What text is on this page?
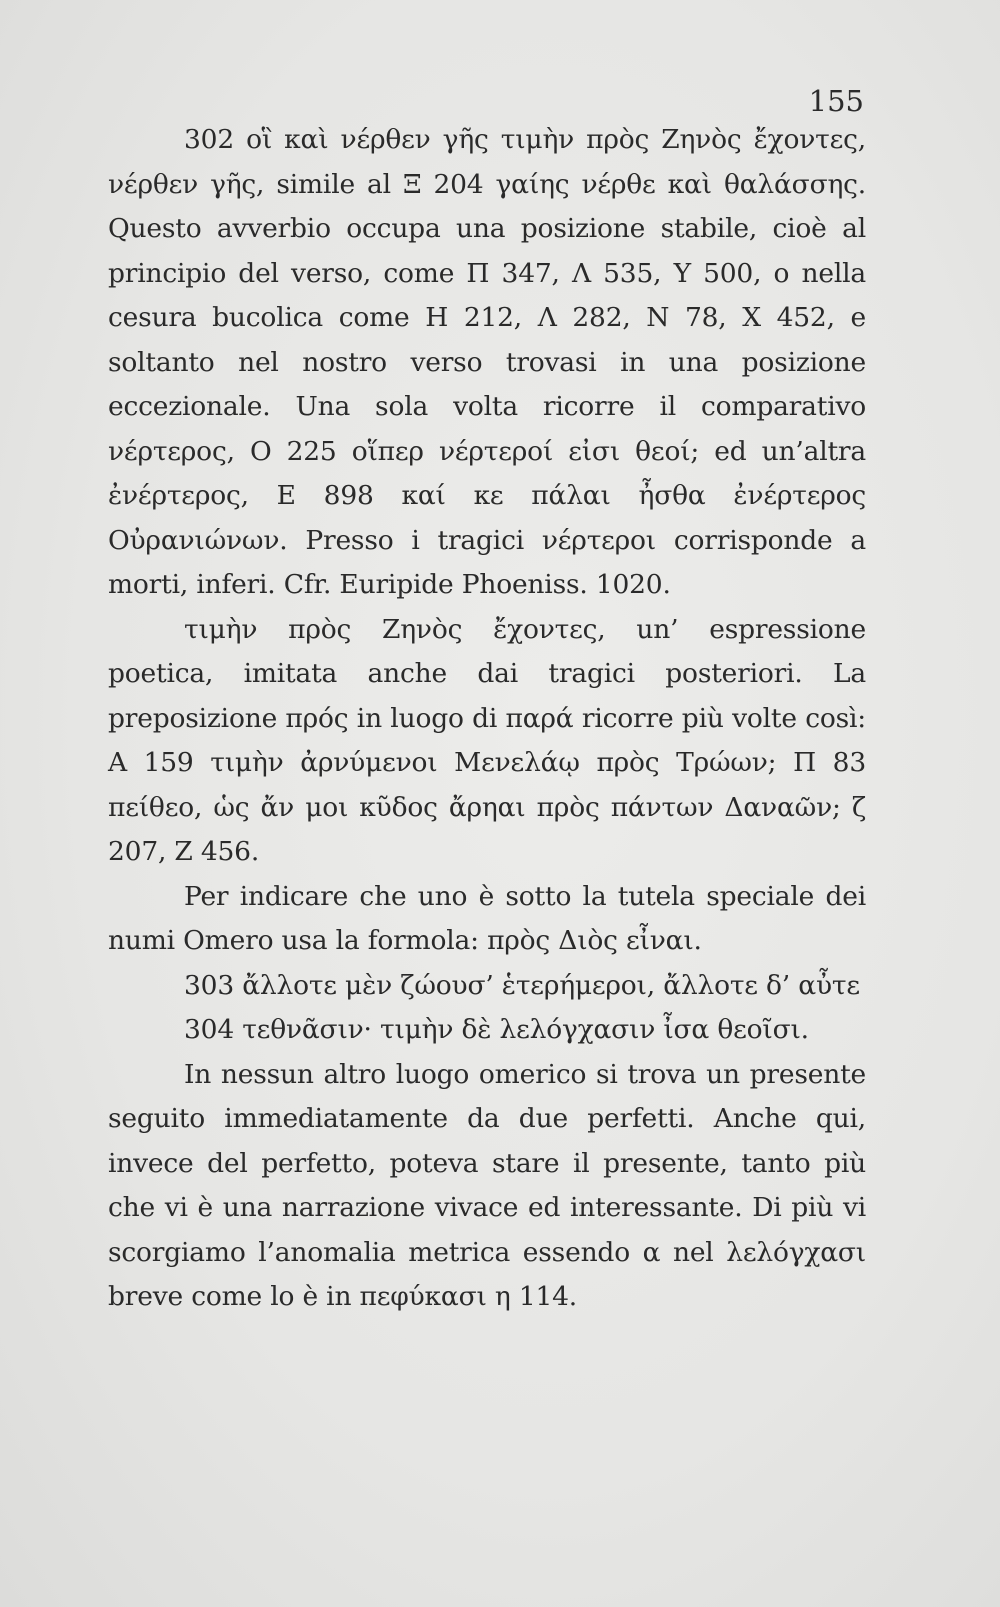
155

302 οἳ καὶ νέρθεν γῆς τιμὴν πρὸς Ζηνὸς ἔχοντες, νέρθεν γῆς, simile al Ξ 204 γαίης νέρθε καὶ θαλάσσης. Questo avverbio occupa una posizione stabile, cioè al principio del verso, come Π 347, Λ 535, Υ 500, o nella cesura bucolica come Η 212, Λ 282, Ν 78, Χ 452, e soltanto nel nostro verso trovasi in una posizione eccezionale. Una sola volta ricorre il comparativo νέρτερος, Ο 225 οἵπερ νέρτεροί εἰσι θεοί; ed un’altra ἐνέρτερος, Ε 898 καί κε πάλαι ἦσθα ἐνέρτερος Οὐρανιώνων. Presso i tragici νέρτεροι corrisponde a morti, inferi. Cfr. Euripide Phoeniss. 1020.

τιμὴν πρὸς Ζηνὸς ἔχοντες, un’ espressione poetica, imitata anche dai tragici posteriori. La preposizione πρός in luogo di παρά ricorre più volte così: Α 159 τιμὴν ἀρνύμενοι Μενελάῳ πρὸς Τρώων; Π 83 πείθεο, ὡς ἄν μοι κῦδος ἄρηαι πρὸς πάντων Δαναῶν; ζ 207, Ζ 456.

Per indicare che uno è sotto la tutela speciale dei numi Omero usa la formola: πρὸς Διὸς εἶναι.

303 ἄλλοτε μὲν ζώουσ’ ἑτερήμεροι, ἄλλοτε δ’ αὖτε

304 τεθνᾶσιν· τιμὴν δὲ λελόγχασιν ἶσα θεοῖσι.

In nessun altro luogo omerico si trova un presente seguito immediatamente da due perfetti. Anche qui, invece del perfetto, poteva stare il presente, tanto più che vi è una narrazione vivace ed interessante. Di più vi scorgiamo l’anomalia metrica essendo α nel λελόγχασι breve come lo è in πεφύκασι η 114.
